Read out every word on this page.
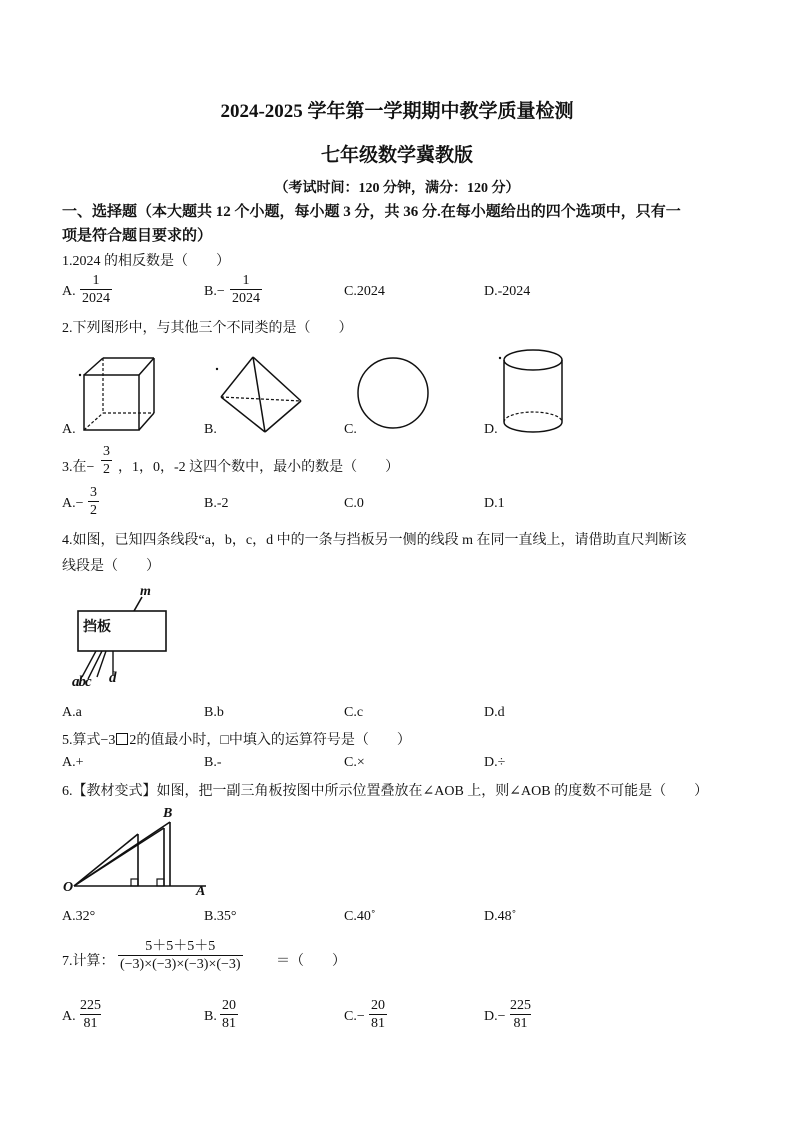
2024-2025 学年第一学期期中教学质量检测
七年级数学冀教版
（考试时间：120 分钟，满分：120 分）
一、选择题（本大题共 12 个小题，每小题 3 分，共 36 分.在每小题给出的四个选项中，只有一
项是符合题目要求的）
1.2024 的相反数是（　　）
A. $\frac{1}{2024}$	$B.- \frac{1}{2024}$	C.2024	D.-2024
2.下列图形中，与其他三个不同类的是（　　）
A.	B.	C.	D.
3.在− $\frac{3}{2}$ ，1，0，-2 这四个数中，最小的数是（　　）
$A.- \frac{3}{2}$	B.-2	C.0	D.1
4.如图，已知四条线段“a，b，c，d 中的一条与挡板另一侧的线段 m 在同一直线上，请借助直尺判断该
线段是（　　）
挡板
m
abc d
A.a	B.b	C.c	D.d
5.算式−3 2的值最小时，□中填入的运算符号是（　　）
A.+	B.-	C.×	D.÷
6.【教材变式】如图，把一副三角板按图中所示位置叠放在∠AOB 上，则∠AOB 的度数不可能是（　　）
B
O	A
A.32°	B.35°	C.40˚	D.48˚
7.计算： $\frac{5+5+5+5}{(-3)\times(-3)\times(-3)\times(-3)}$ ＝（　　）
A. $\frac{225}{81}$	B. $\frac{20}{81}$	$C.- \frac{20}{81}$	$D.- \frac{225}{81}$
